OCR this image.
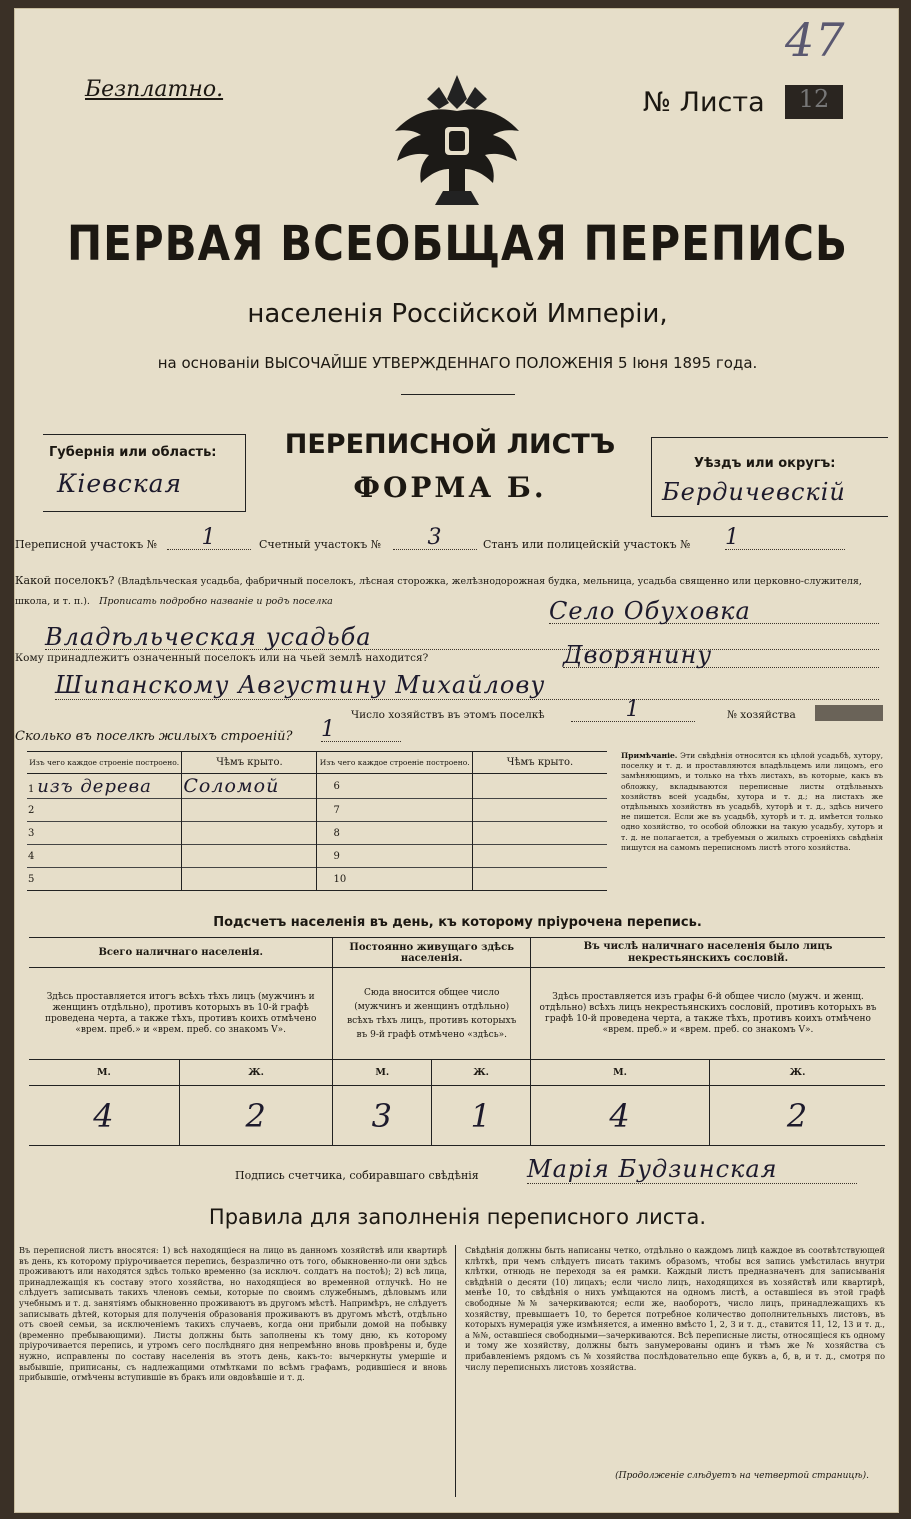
Безплатно.	№ Листа	12
47
ПЕРВАЯ ВСЕОБЩАЯ ПЕРЕПИСЬ
населенія Россійской Имперіи,
на основаніи ВЫСОЧАЙШЕ УТВЕРЖДЕННАГО ПОЛОЖЕНІЯ 5 Іюня 1895 года.
Губернія или область:
Кіевская
ПЕРЕПИСНОЙ ЛИСТЪ
ФОРМА Б.
Уѣздъ или округъ:
Бердичевскій
Переписной участокъ №	1	Счетный участокъ №	3	Станъ или полицейскій участокъ № 1
Какой поселокъ? (Владѣльческая усадьба, фабричный поселокъ, лѣсная сторожка, желѣзнодорожная будка, мельница, усадьба священно или церковно-служителя, школа, и т. п.). Прописать подробно названіе и родъ поселка	Село Обуховка
Владѣльческая усадьба
Кому принадлежитъ означенный поселокъ или на чьей землѣ находится?	Дворянину
Шипанскому Августину Михайлову
Число хозяйствъ въ этомъ поселкѣ	1	№ хозяйства
Сколько въ поселкѣ жилыхъ строеній? 1
Изъ чего каждое строеніе построено.	Чѣмъ крыто.	Изъ чего каждое строеніе построено.	Чѣмъ крыто.
1 изъ дерева	Соломой	6	
2		7	
3		8	
4		9	
5		10	
Примѣчаніе. Эти свѣдѣнія относятся къ цѣлой усадьбѣ, хутору, поселку и т. д. и проставляются владѣльцемъ или лицомъ, его замѣняющимъ, и только на тѣхъ листахъ, въ которые, какъ въ обложку, вкладываются переписные листы отдѣльныхъ хозяйствъ всей усадьбы, хутора и т. д.; на листахъ же отдѣльныхъ хозяйствъ въ усадьбѣ, хуторѣ и т. д., здѣсь ничего не пишется. Если же въ усадьбѣ, хуторѣ и т. д. имѣется только одно хозяйство, то особой обложки на такую усадьбу, хуторъ и т. д. не полагается, а требуемыя о жилыхъ строеніяхъ свѣдѣнія пишутся на самомъ переписномъ листѣ этого хозяйства.
Подсчетъ населенія въ день, къ которому пріурочена перепись.
Всего наличнаго населенія.		Постоянно живущаго здѣсь населенія.		Въ числѣ наличнаго населенія было лицъ некрестьянскихъ сословій.	
Здѣсь проставляется итогъ всѣхъ тѣхъ лицъ (мужчинъ и женщинъ отдѣльно), противъ которыхъ въ 10-й графѣ проведена черта, а также тѣхъ, противъ коихъ отмѣчено «врем. преб.» и «врем. преб. со знакомъ V».		Сюда вносится общее число (мужчинъ и женщинъ отдѣльно) всѣхъ тѣхъ лицъ, противъ которыхъ въ 9-й графѣ отмѣчено «здѣсь».		Здѣсь проставляется изъ графы 6-й общее число (мужч. и женщ. отдѣльно) всѣхъ лицъ некрестьянскихъ сословій, противъ которыхъ въ графѣ 10-й проведена черта, а также тѣхъ, противъ коихъ отмѣчено «врем. преб.» и «врем. преб. со знакомъ V».	
М.	Ж.	М.	Ж.	М.	Ж.
4	2	3	1	4	2
Подпись счетчика, собиравшаго свѣдѣнія Марія Будзинская
Правила для заполненія переписного листа.
Въ переписной листъ вносятся: 1) всѣ находящіеся на лицо въ данномъ хозяйствѣ или квартирѣ въ день, къ которому пріурочивается перепись, безразлично отъ того, обыкновенно-ли они здѣсь проживаютъ или находятся здѣсь только временно (за исключ. солдатъ на постоѣ); 2) всѣ лица, принадлежащія къ составу этого хозяйства, но находящіеся во временной отлучкѣ. Но не слѣдуетъ записывать такихъ членовъ семьи, которые по своимъ служебнымъ, дѣловымъ или учебнымъ и т. д. занятіямъ обыкновенно проживаютъ въ другомъ мѣстѣ. Напримѣръ, не слѣдуетъ записывать дѣтей, которыя для полученія образованія проживаютъ въ другомъ мѣстѣ, отдѣльно отъ своей семьи, за исключеніемъ такихъ случаевъ, когда они прибыли домой на побывку (временно пребывающими). Листы должны быть заполнены къ тому дню, къ которому пріурочивается перепись, и утромъ сего послѣдняго дня непремѣнно вновь провѣрены и, буде нужно, исправлены по составу населенія въ этотъ день, какъ-то: вычеркнуты умершіе и выбывшіе, приписаны, съ надлежащими отмѣтками по всѣмъ графамъ, родившіеся и вновь прибывшіе, отмѣчены вступившіе въ бракъ или овдовѣвшіе и т. д.
Свѣдѣнія должны быть написаны четко, отдѣльно о каждомъ лицѣ каждое въ соотвѣтствующей клѣткѣ, при чемъ слѣдуетъ писать такимъ образомъ, чтобы вся запись умѣстилась внутри клѣтки, отнюдь не переходя за ея рамки. Каждый листъ предназначенъ для записыванія свѣдѣній о десяти (10) лицахъ; если число лицъ, находящихся въ хозяйствѣ или квартирѣ, менѣе 10, то свѣдѣнія о нихъ умѣщаются на одномъ листѣ, а оставшіеся въ этой графѣ свободные №№ зачеркиваются; если же, наоборотъ, число лицъ, принадлежащихъ къ хозяйству, превышаетъ 10, то берется потребное количество дополнительныхъ листовъ, въ которыхъ нумерація уже измѣняется, а именно вмѣсто 1, 2, 3 и т. д., ставится 11, 12, 13 и т. д., а №№, оставшіеся свободными—зачеркиваются. Всѣ переписные листы, относящіеся къ одному и тому же хозяйству, должны быть занумерованы одинъ и тѣмъ же № хозяйства съ прибавленіемъ рядомъ съ № хозяйства послѣдовательно еще буквъ а, б, в, и т. д., смотря по числу переписныхъ листовъ хозяйства.
(Продолженіе слѣдуетъ на четвертой страницѣ).
